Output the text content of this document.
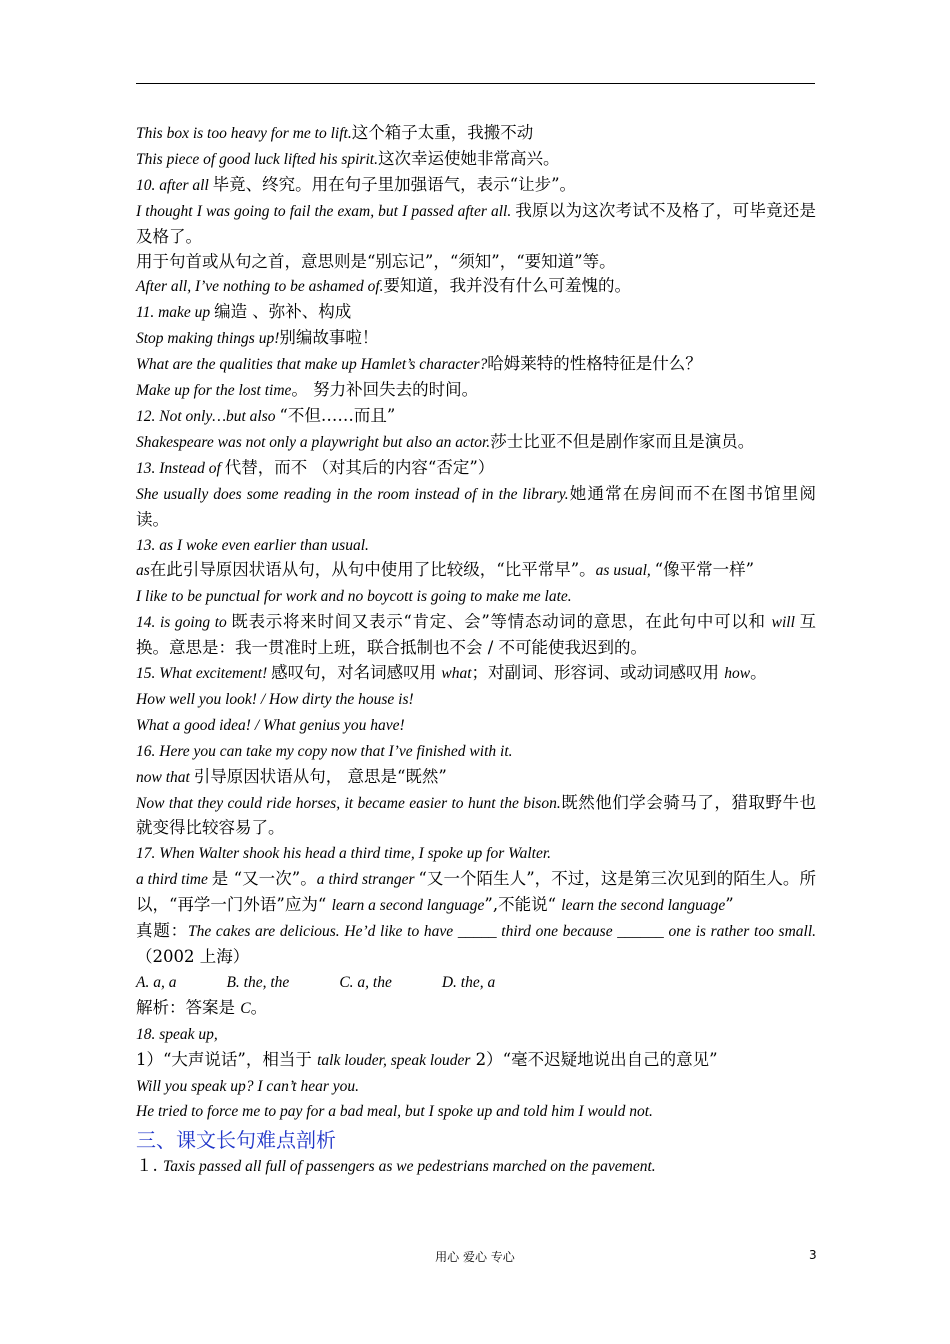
This box is too heavy for me to lift.这个箱子太重，我搬不动
This piece of good luck lifted his spirit.这次幸运使她非常高兴。
10. after all 毕竟、终究。用在句子里加强语气，表示“让步”。
I thought I was going to fail the exam, but I passed after all. 我原以为这次考试不及格了，可毕竟还是及格了。
用于句首或从句之首，意思则是“别忘记”，“须知”，“要知道”等。
After all, I’ve nothing to be ashamed of.要知道，我并没有什么可羞愧的。
11. make up 编造 、弥补、构成
Stop making things up!别编故事啦！
What are the qualities that make up Hamlet’s character?哈姆莱特的性格特征是什么？
Make up for the lost time。 努力补回失去的时间。
12. Not only…but also “不但……而且”
Shakespeare was not only a playwright but also an actor.莎士比亚不但是剧作家而且是演员。
13. Instead of 代替，而不 （对其后的内容“否定”）
She usually does some reading in the room instead of in the library.她通常在房间而不在图书馆里阅读。
13. as I woke even earlier than usual.
as在此引导原因状语从句，从句中使用了比较级，“比平常早”。as usual, “像平常一样”
I like to be punctual for work and no boycott is going to make me late.
14. is going to 既表示将来时间又表示“肯定、会”等情态动词的意思，在此句中可以和 will 互换。意思是：我一贯准时上班，联合抵制也不会 / 不可能使我迟到的。
15. What excitement! 感叹句，对名词感叹用 what；对副词、形容词、或动词感叹用 how。
How well you look! / How dirty the house is!
What a good idea! / What genius you have!
16. Here you can take my copy now that I’ve finished with it.
now that 引导原因状语从句， 意思是“既然”
Now that they could ride horses, it became easier to hunt the bison.既然他们学会骑马了，猎取野牛也就变得比较容易了。
17. When Walter shook his head a third time, I spoke up for Walter.
a third time 是 “又一次”。a third stranger “又一个陌生人”，不过，这是第三次见到的陌生人。所以，“再学一门外语”应为“ learn a second language”,不能说“ learn the second language”
真题：The cakes are delicious. He’d like to have _____ third one because ______ one is rather too small.（2002 上海）
A. a, a	B. the, the	C. a, the	D. the, a
解析：答案是 C。
18. speak up,
1）“大声说话”，相当于 talk louder, speak louder 2）“毫不迟疑地说出自己的意见”
Will you speak up? I can’t hear you.
He tried to force me to pay for a bad meal, but I spoke up and told him I would not.
三、课文长句难点剖析
１. Taxis passed all full of passengers as we pedestrians marched on the pavement.
用心 爱心 专心	3
